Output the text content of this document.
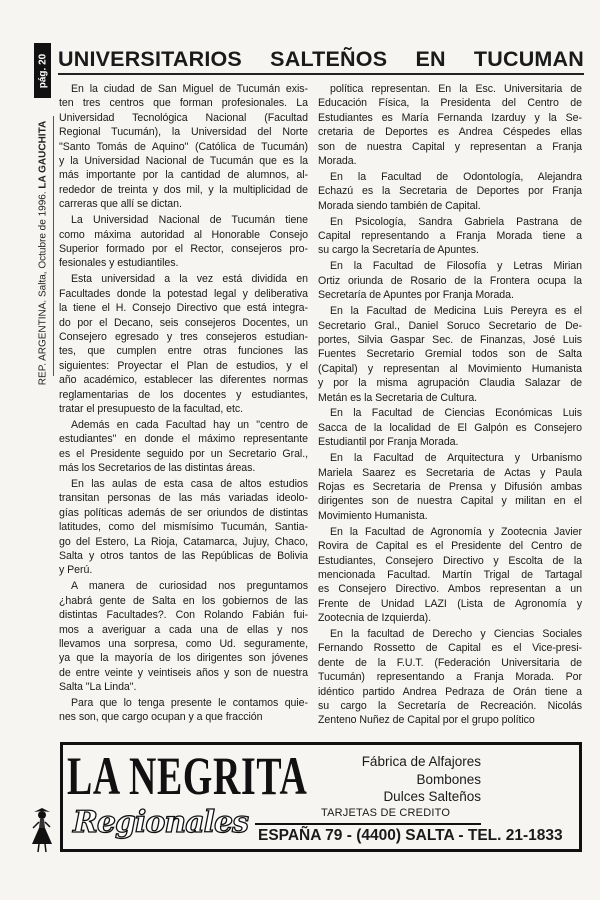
UNIVERSITARIOS SALTEÑOS EN TUCUMAN
pág. 20
REP. ARGENTINA. Salta, Octubre de 1996. LA GAUCHITA
En la ciudad de San Miguel de Tucumán exis-
ten tres centros que forman profesionales. La
Universidad Tecnológica Nacional (Facultad
Regional Tucumán), la Universidad del Norte
"Santo Tomás de Aquino" (Católica de Tucumán)
y la Universidad Nacional de Tucumán que es la
más importante por la cantidad de alumnos, al-
rededor de treinta y dos mil, y la multiplicidad de
carreras que allí se dictan.
La Universidad Nacional de Tucumán tiene
como máxima autoridad al Honorable Consejo
Superior formado por el Rector, consejeros pro-
fesionales y estudiantiles.
Esta universidad a la vez está dividida en
Facultades donde la potestad legal y deliberativa
la tiene el H. Consejo Directivo que está integra-
do por el Decano, seis consejeros Docentes, un
Consejero egresado y tres consejeros estudian-
tes, que cumplen entre otras funciones las
siguientes: Proyectar el Plan de estudios, y el
año académico, establecer las diferentes normas
reglamentarias de los docentes y estudiantes,
tratar el presupuesto de la facultad, etc.
Además en cada Facultad hay un "centro de
estudiantes" en donde el máximo representante
es el Presidente seguido por un Secretario Gral.,
más los Secretarios de las distintas áreas.
En las aulas de esta casa de altos estudios
transitan personas de las más variadas ideolo-
gías políticas además de ser oriundos de distintas
latitudes, como del mismísimo Tucumán, Santia-
go del Estero, La Rioja, Catamarca, Jujuy, Chaco,
Salta y otros tantos de las Repúblicas de Bolivia
y Perú.
A manera de curiosidad nos preguntamos
¿habrá gente de Salta en los gobiernos de las
distintas Facultades?. Con Rolando Fabián fui-
mos a averiguar a cada una de ellas y nos
llevamos una sorpresa, como Ud. seguramente,
ya que la mayoría de los dirigentes son jóvenes
de entre veinte y veintiseis años y son de nuestra
Salta "La Linda".
Para que lo tenga presente le contamos quie-
nes son, que cargo ocupan y a que fracción
política representan. En la Esc. Universitaria de
Educación Física, la Presidenta del Centro de
Estudiantes es María Fernanda Izarduy y la Se-
cretaria de Deportes es Andrea Céspedes ellas
son de nuestra Capital y representan a Franja
Morada.
En la Facultad de Odontología, Alejandra
Echazú es la Secretaria de Deportes por Franja
Morada siendo también de Capital.
En Psicología, Sandra Gabriela Pastrana de
Capital representando a Franja Morada tiene a
su cargo la Secretaría de Apuntes.
En la Facultad de Filosofía y Letras Mirian
Ortiz oriunda de Rosario de la Frontera ocupa la
Secretaría de Apuntes por Franja Morada.
En la Facultad de Medicina Luis Pereyra es el
Secretario Gral., Daniel Soruco Secretario de De-
portes, Silvia Gaspar Sec. de Finanzas, José Luis
Fuentes Secretario Gremial todos son de Salta
(Capital) y representan al Movimiento Humanista
y por la misma agrupación Claudia Salazar de
Metán es la Secretaria de Cultura.
En la Facultad de Ciencias Económicas Luis
Sacca de la localidad de El Galpón es Consejero
Estudiantil por Franja Morada.
En la Facultad de Arquitectura y Urbanismo
Mariela Saarez es Secretaria de Actas y Paula
Rojas es Secretaria de Prensa y Difusión ambas
dirigentes son de nuestra Capital y militan en el
Movimiento Humanista.
En la Facultad de Agronomía y Zootecnia Javier
Rovira de Capital es el Presidente del Centro de
Estudiantes, Consejero Directivo y Escolta de la
mencionada Facultad. Martín Trigal de Tartagal
es Consejero Directivo. Ambos representan a un
Frente de Unidad LAZI (Lista de Agronomía y
Zootecnia de Izquierda).
En la facultad de Derecho y Ciencias Sociales
Fernando Rossetto de Capital es el Vice-presi-
dente de la F.U.T. (Federación Universitaria de
Tucumán) representando a Franja Morada. Por
idéntico partido Andrea Pedraza de Orán tiene a
su cargo la Secretaría de Recreación. Nicolás
Zenteno Nuñez de Capital por el grupo político
LA NEGRITA
Regionales
Fábrica de Alfajores
Bombones
Dulces Salteños
TARJETAS DE CREDITO
ESPAÑA 79 - (4400) SALTA - TEL. 21-1833
